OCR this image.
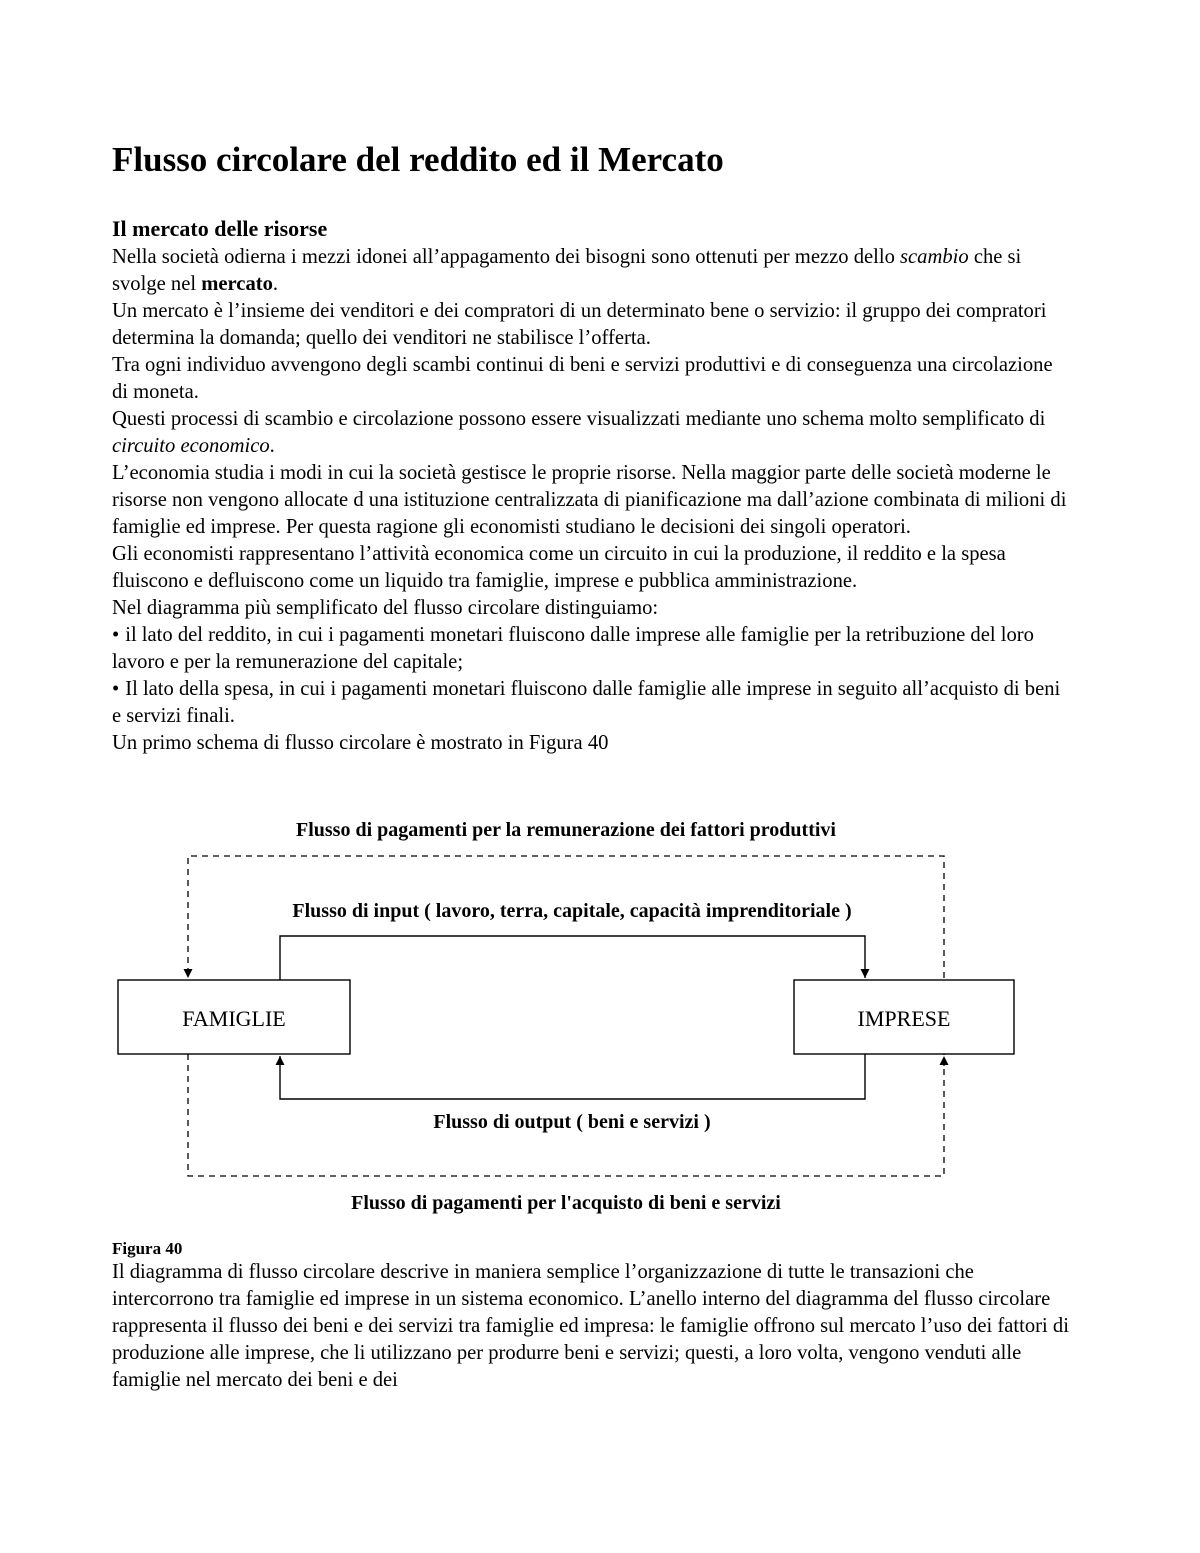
Flusso circolare del reddito ed il Mercato
Il mercato delle risorse

Nella società odierna i mezzi idonei all’appagamento dei bisogni sono ottenuti per mezzo dello scambio che si svolge nel mercato.

Un mercato è l’insieme dei venditori e dei compratori di un determinato bene o servizio: il gruppo dei compratori determina la domanda; quello dei venditori ne stabilisce l’offerta.

Tra ogni individuo avvengono degli scambi continui di beni e servizi produttivi e di conseguenza una circolazione di moneta.

Questi processi di scambio e circolazione possono essere visualizzati mediante uno schema molto semplificato di circuito economico.

L’economia studia i modi in cui la società gestisce le proprie risorse. Nella maggior parte delle società moderne le risorse non vengono allocate d una istituzione centralizzata di pianificazione ma dall’azione combinata di milioni di famiglie ed imprese. Per questa ragione gli economisti studiano le decisioni dei singoli operatori.

Gli economisti rappresentano l’attività economica come un circuito in cui la produzione, il reddito e la spesa fluiscono e defluiscono come un liquido tra famiglie, imprese e pubblica amministrazione.

Nel diagramma più semplificato del flusso circolare distinguiamo:

• il lato del reddito, in cui i pagamenti monetari fluiscono dalle imprese alle famiglie per la retribuzione del loro lavoro e per la remunerazione del capitale;

• Il lato della spesa, in cui i pagamenti monetari fluiscono dalle famiglie alle imprese in seguito all’acquisto di beni e servizi finali.

Un primo schema di flusso circolare è mostrato in Figura 40

Flusso di pagamenti per la remunerazione dei fattori produttivi
Flusso di input ( lavoro, terra, capitale, capacità imprenditoriale )
FAMIGLIE	IMPRESE
Flusso di output ( beni e servizi )
Flusso di pagamenti per l'acquisto di beni e servizi
Figura 40
Il diagramma di flusso circolare descrive in maniera semplice l’organizzazione di tutte le transazioni che intercorrono tra famiglie ed imprese in un sistema economico. L’anello interno del diagramma del flusso circolare rappresenta il flusso dei beni e dei servizi tra famiglie ed impresa: le famiglie offrono sul mercato l’uso dei fattori di produzione alle imprese, che li utilizzano per produrre beni e servizi; questi, a loro volta, vengono venduti alle famiglie nel mercato dei beni e dei
